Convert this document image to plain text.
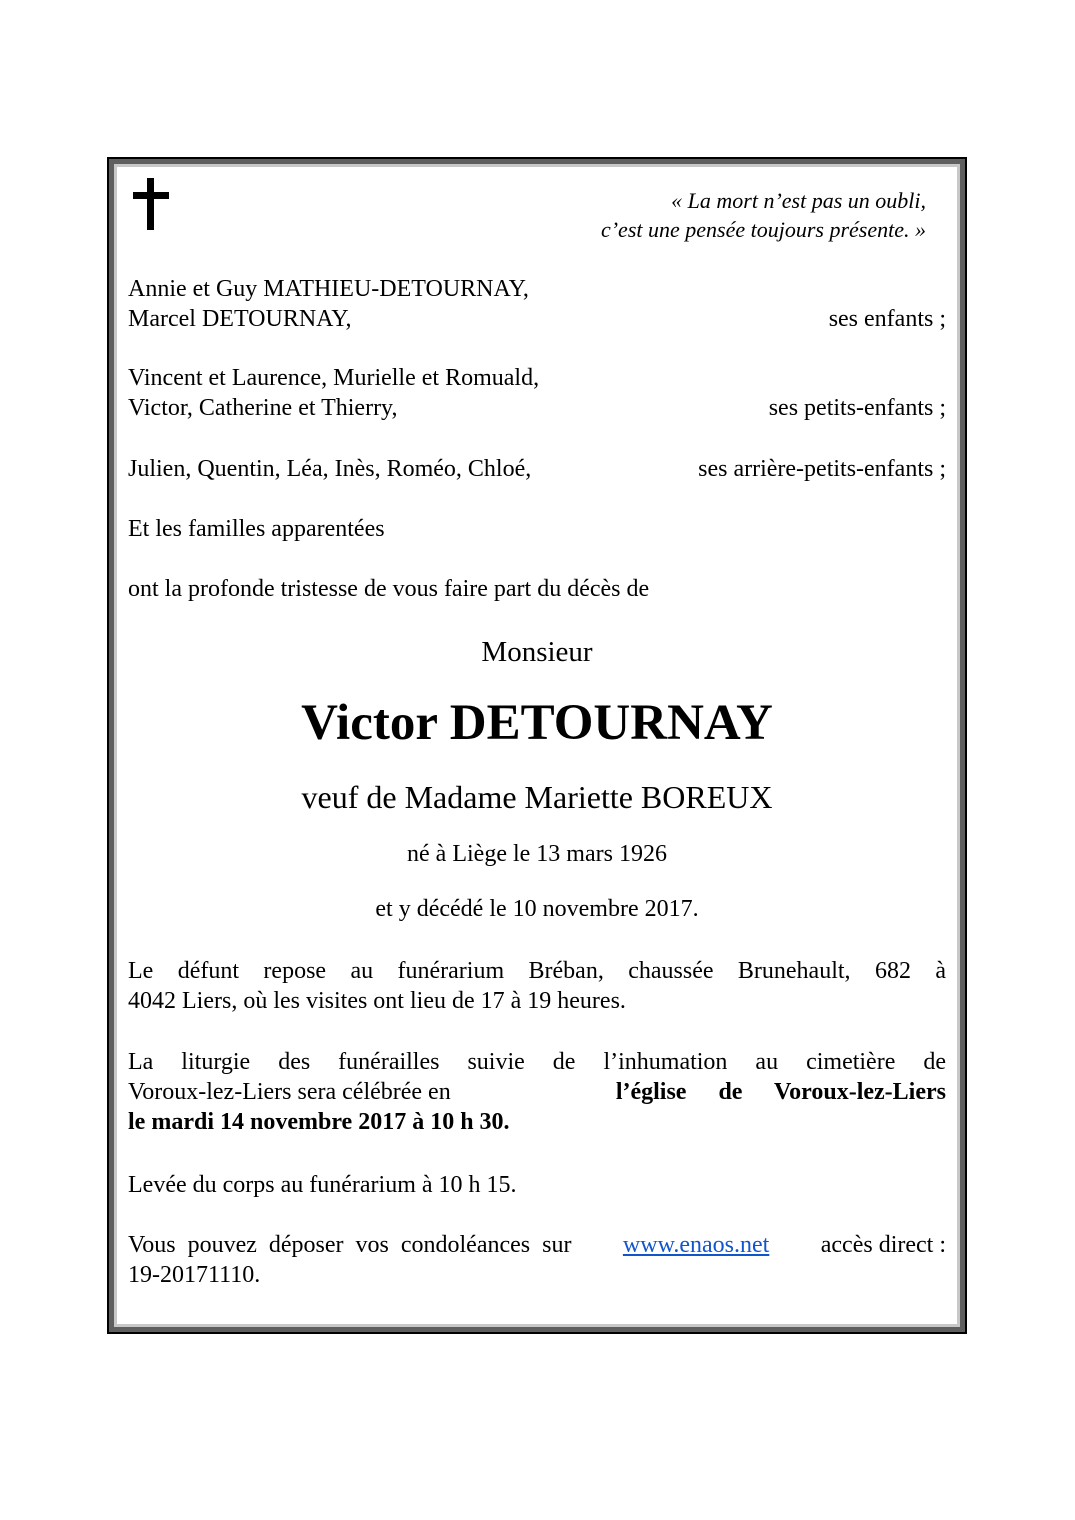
« La mort n’est pas un oubli,
c’est une pensée toujours présente. »
Annie et Guy MATHIEU-DETOURNAY,
Marcel DETOURNAY,	ses enfants ;
Vincent et Laurence, Murielle et Romuald,
Victor, Catherine et Thierry,	ses petits-enfants ;
Julien, Quentin, Léa, Inès, Roméo, Chloé,	ses arrière-petits-enfants ;
Et les familles apparentées
ont la profonde tristesse de vous faire part du décès de
Monsieur
Victor DETOURNAY
veuf de Madame Mariette BOREUX
né à Liège le 13 mars 1926
et y décédé le 10 novembre 2017.
Le défunt repose au funérarium Bréban, chaussée Brunehault, 682 à
4042 Liers, où les visites ont lieu de 17 à 19 heures.
La liturgie des funérailles suivie de l’inhumation au cimetière de
Voroux-lez-Liers sera célébrée en	l’église de Voroux-lez-Liers
le mardi 14 novembre 2017 à 10 h 30.
Levée du corps au funérarium à 10 h 15.
Vous pouvez déposer vos condoléances sur www.enaos.net accès direct :
19-20171110.
